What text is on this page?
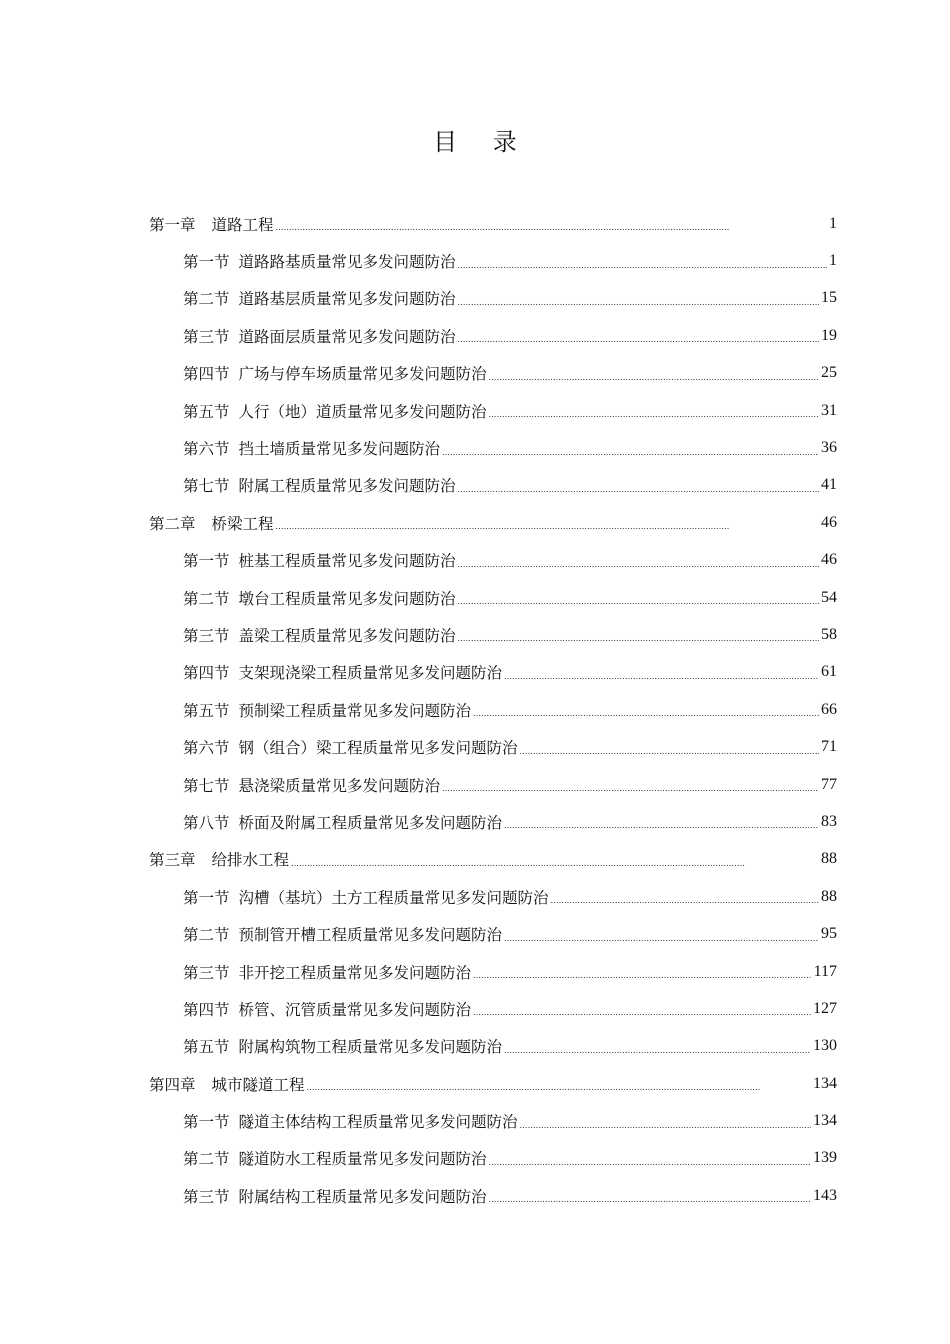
目 录
第一章 道路工程 . . .	1
第一节 道路路基质量常见多发问题防治 . . .	1
第二节 道路基层质量常见多发问题防治 . . .	15
第三节 道路面层质量常见多发问题防治 . . .	19
第四节 广场与停车场质量常见多发问题防治 . . .	25
第五节 人行（地）道质量常见多发问题防治 . . .	31
第六节 挡土墙质量常见多发问题防治 . . .	36
第七节 附属工程质量常见多发问题防治 . . .	41
第二章 桥梁工程 . . .	46
第一节 桩基工程质量常见多发问题防治 . . .	46
第二节 墩台工程质量常见多发问题防治 . . .	54
第三节 盖梁工程质量常见多发问题防治 . . .	58
第四节 支架现浇梁工程质量常见多发问题防治 . . .	61
第五节 预制梁工程质量常见多发问题防治 . . .	66
第六节 钢（组合）梁工程质量常见多发问题防治 . . .	71
第七节 悬浇梁质量常见多发问题防治 . . .	77
第八节 桥面及附属工程质量常见多发问题防治 . . .	83
第三章 给排水工程 . . .	88
第一节 沟槽（基坑）土方工程质量常见多发问题防治 . . .	88
第二节 预制管开槽工程质量常见多发问题防治 . . .	95
第三节 非开挖工程质量常见多发问题防治 . . .	117
第四节 桥管、沉管质量常见多发问题防治 . . .	127
第五节 附属构筑物工程质量常见多发问题防治 . . .	130
第四章 城市隧道工程 . . .	134
第一节 隧道主体结构工程质量常见多发问题防治 . . .	134
第二节 隧道防水工程质量常见多发问题防治 . . .	139
第三节 附属结构工程质量常见多发问题防治 . . .	143
